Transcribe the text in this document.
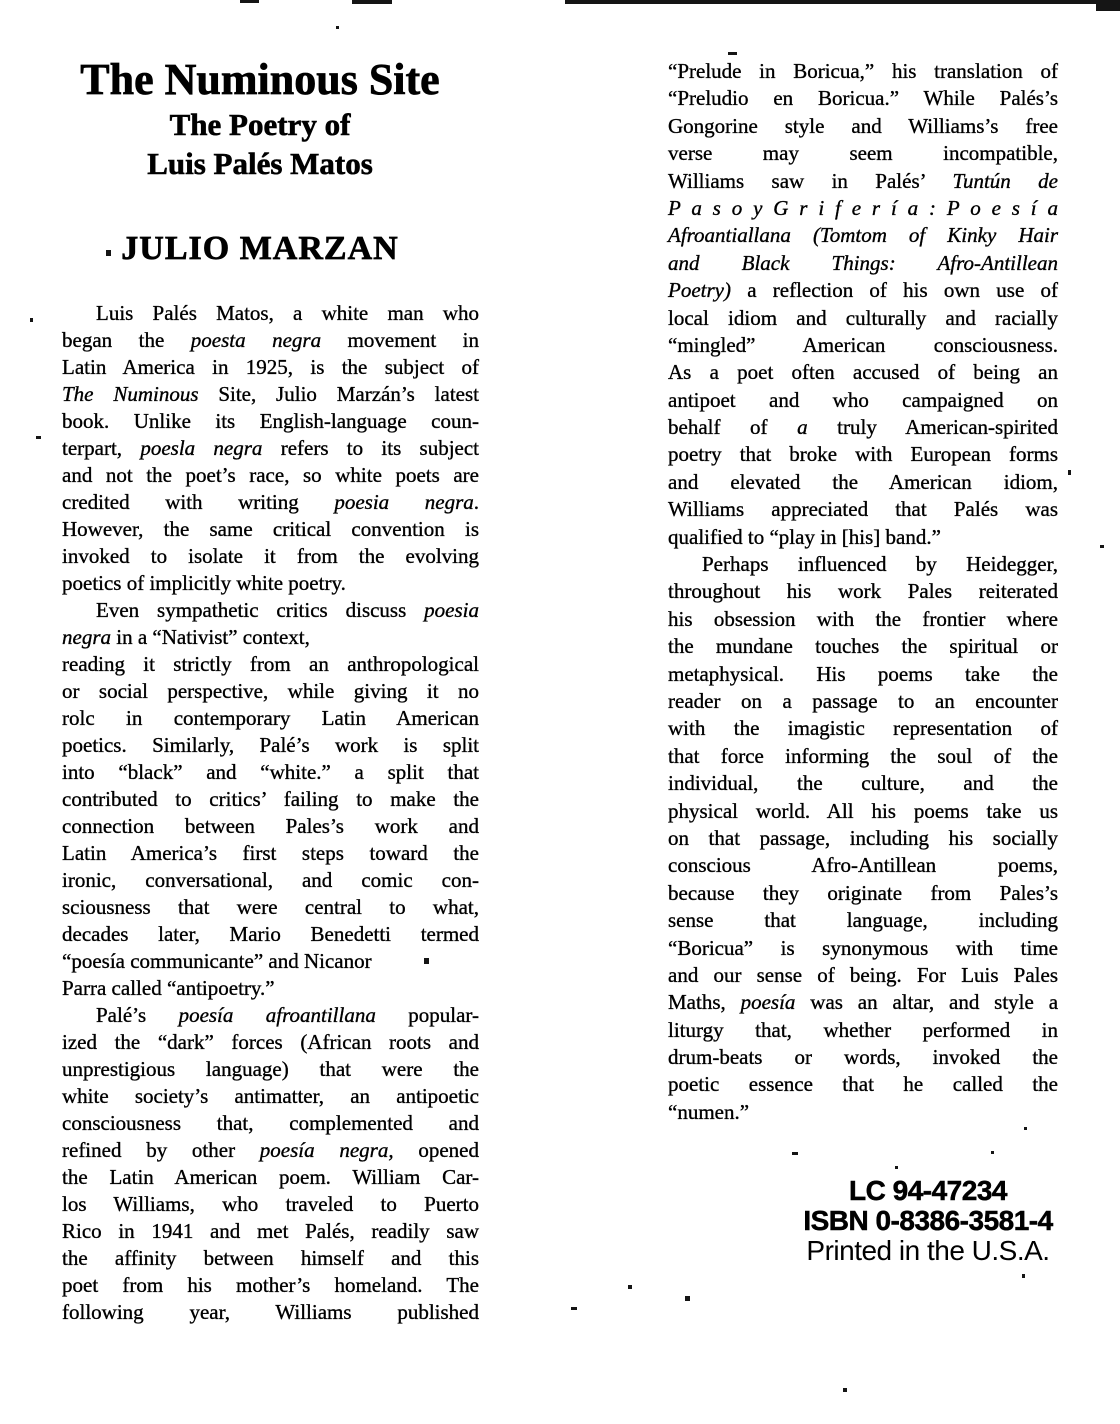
The Numinous Site
The Poetry of
Luis Palés Matos
JULIO MARZAN
Luis Palés Matos, a white man who
began the poesta negra movement in
Latin America in 1925, is the subject of
The Numinous Site, Julio Marzán’s latest
book. Unlike its English-language coun-
terpart, poesla negra refers to its subject
and not the poet’s race, so white poets are
credited with writing poesia negra.
However, the same critical convention is
invoked to isolate it from the evolving
poetics of implicitly white poetry.
Even sympathetic critics discuss poesia
negra in a “Nativist” context,
reading it strictly from an anthropological
or social perspective, while giving it no
rolc in contemporary Latin American
poetics. Similarly, Palé’s work is split
into “black” and “white.” a split that
contributed to critics’ failing to make the
connection between Pales’s work and
Latin America’s first steps toward the
ironic, conversational, and comic con-
sciousness that were central to what,
decades later, Mario Benedetti termed
“poesía communicante” and Nicanor
Parra called “antipoetry.”
Palé’s poesía afroantillana popular-
ized the “dark” forces (African roots and
unprestigious language) that were the
white society’s antimatter, an antipoetic
consciousness that, complemented and
refined by other poesía negra, opened
the Latin American poem. William Car-
los Williams, who traveled to Puerto
Rico in 1941 and met Palés, readily saw
the affinity between himself and this
poet from his mother’s homeland. The
following year, Williams published
“Prelude in Boricua,” his translation of
“Preludio en Boricua.” While Palés’s
Gongorine style and Williams’s free
verse may seem incompatible,
Williams saw in Palés’ Tuntún de
P a s o y G r i f e r í a : P o e s í a
Afroantiallana (Tomtom of Kinky Hair
and Black Things: Afro-Antillean
Poetry) a reflection of his own use of
local idiom and culturally and racially
“mingled” American consciousness.
As a poet often accused of being an
antipoet and who campaigned on
behalf of a truly American-spirited
poetry that broke with European forms
and elevated the American idiom,
Williams appreciated that Palés was
qualified to “play in [his] band.”
Perhaps influenced by Heidegger,
throughout his work Pales reiterated
his obsession with the frontier where
the mundane touches the spiritual or
metaphysical. His poems take the
reader on a passage to an encounter
with the imagistic representation of
that force informing the soul of the
individual, the culture, and the
physical world. All his poems take us
on that passage, including his socially
conscious Afro-Antillean poems,
because they originate from Pales’s
sense that language, including
“Boricua” is synonymous with time
and our sense of being. For Luis Pales
Maths, poesía was an altar, and style a
liturgy that, whether performed in
drum-beats or words, invoked the
poetic essence that he called the
“numen.”
LC 94-47234
ISBN 0-8386-3581-4
Printed in the U.S.A.
